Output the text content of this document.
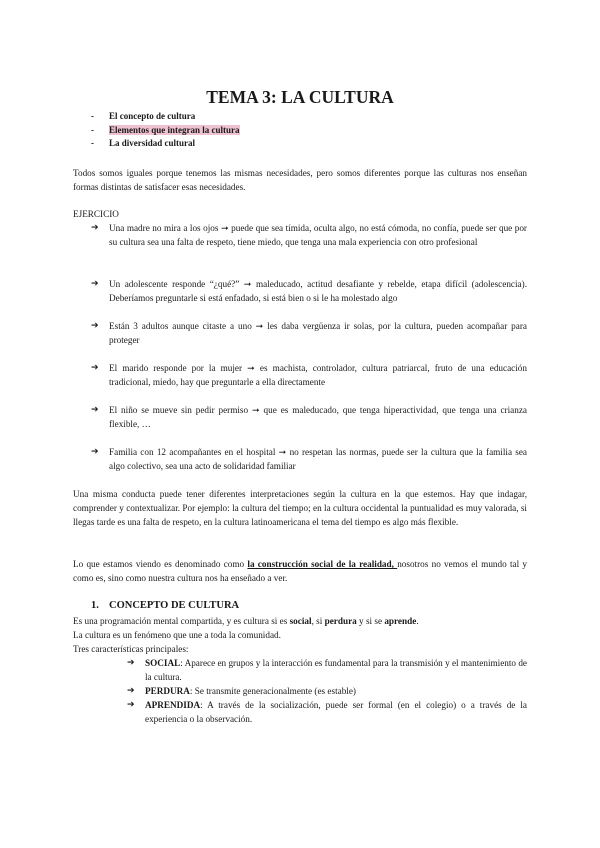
TEMA 3: LA CULTURA
- El concepto de cultura
- Elementos que integran la cultura
- La diversidad cultural
Todos somos iguales porque tenemos las mismas necesidades, pero somos diferentes porque las culturas nos enseñan formas distintas de satisfacer esas necesidades.
EJERCICIO
➔ Una madre no mira a los ojos ➞ puede que sea tímida, oculta algo, no está cómoda, no confía, puede ser que por su cultura sea una falta de respeto, tiene miedo, que tenga una mala experiencia con otro profesional
➔ Un adolescente responde “¿qué?” ➞ maleducado, actitud desafiante y rebelde, etapa difícil (adolescencia). Deberíamos preguntarle si está enfadado, si está bien o si le ha molestado algo
➔ Están 3 adultos aunque citaste a uno ➞ les daba vergüenza ir solas, por la cultura, pueden acompañar para proteger
➔ El marido responde por la mujer ➞ es machista, controlador, cultura patriarcal, fruto de una educación tradicional, miedo, hay que preguntarle a ella directamente
➔ El niño se mueve sin pedir permiso ➞ que es maleducado, que tenga hiperactividad, que tenga una crianza flexible, …
➔ Familia con 12 acompañantes en el hospital ➞ no respetan las normas, puede ser la cultura que la familia sea algo colectivo, sea una acto de solidaridad familiar
Una misma conducta puede tener diferentes interpretaciones según la cultura en la que estemos. Hay que indagar, comprender y contextualizar. Por ejemplo: la cultura del tiempo; en la cultura occidental la puntualidad es muy valorada, si llegas tarde es una falta de respeto, en la cultura latinoamericana el tema del tiempo es algo más flexible.
Lo que estamos viendo es denominado como la construcción social de la realidad, nosotros no vemos el mundo tal y como es, sino como nuestra cultura nos ha enseñado a ver.
1. CONCEPTO DE CULTURA
Es una programación mental compartida, y es cultura si es social, si perdura y si se aprende.
La cultura es un fenómeno que une a toda la comunidad.
Tres características principales:
➔ SOCIAL: Aparece en grupos y la interacción es fundamental para la transmisión y el mantenimiento de la cultura.
➔ PERDURA: Se transmite generacionalmente (es estable)
➔ APRENDIDA: A través de la socialización, puede ser formal (en el colegio) o a través de la experiencia o la observación.
